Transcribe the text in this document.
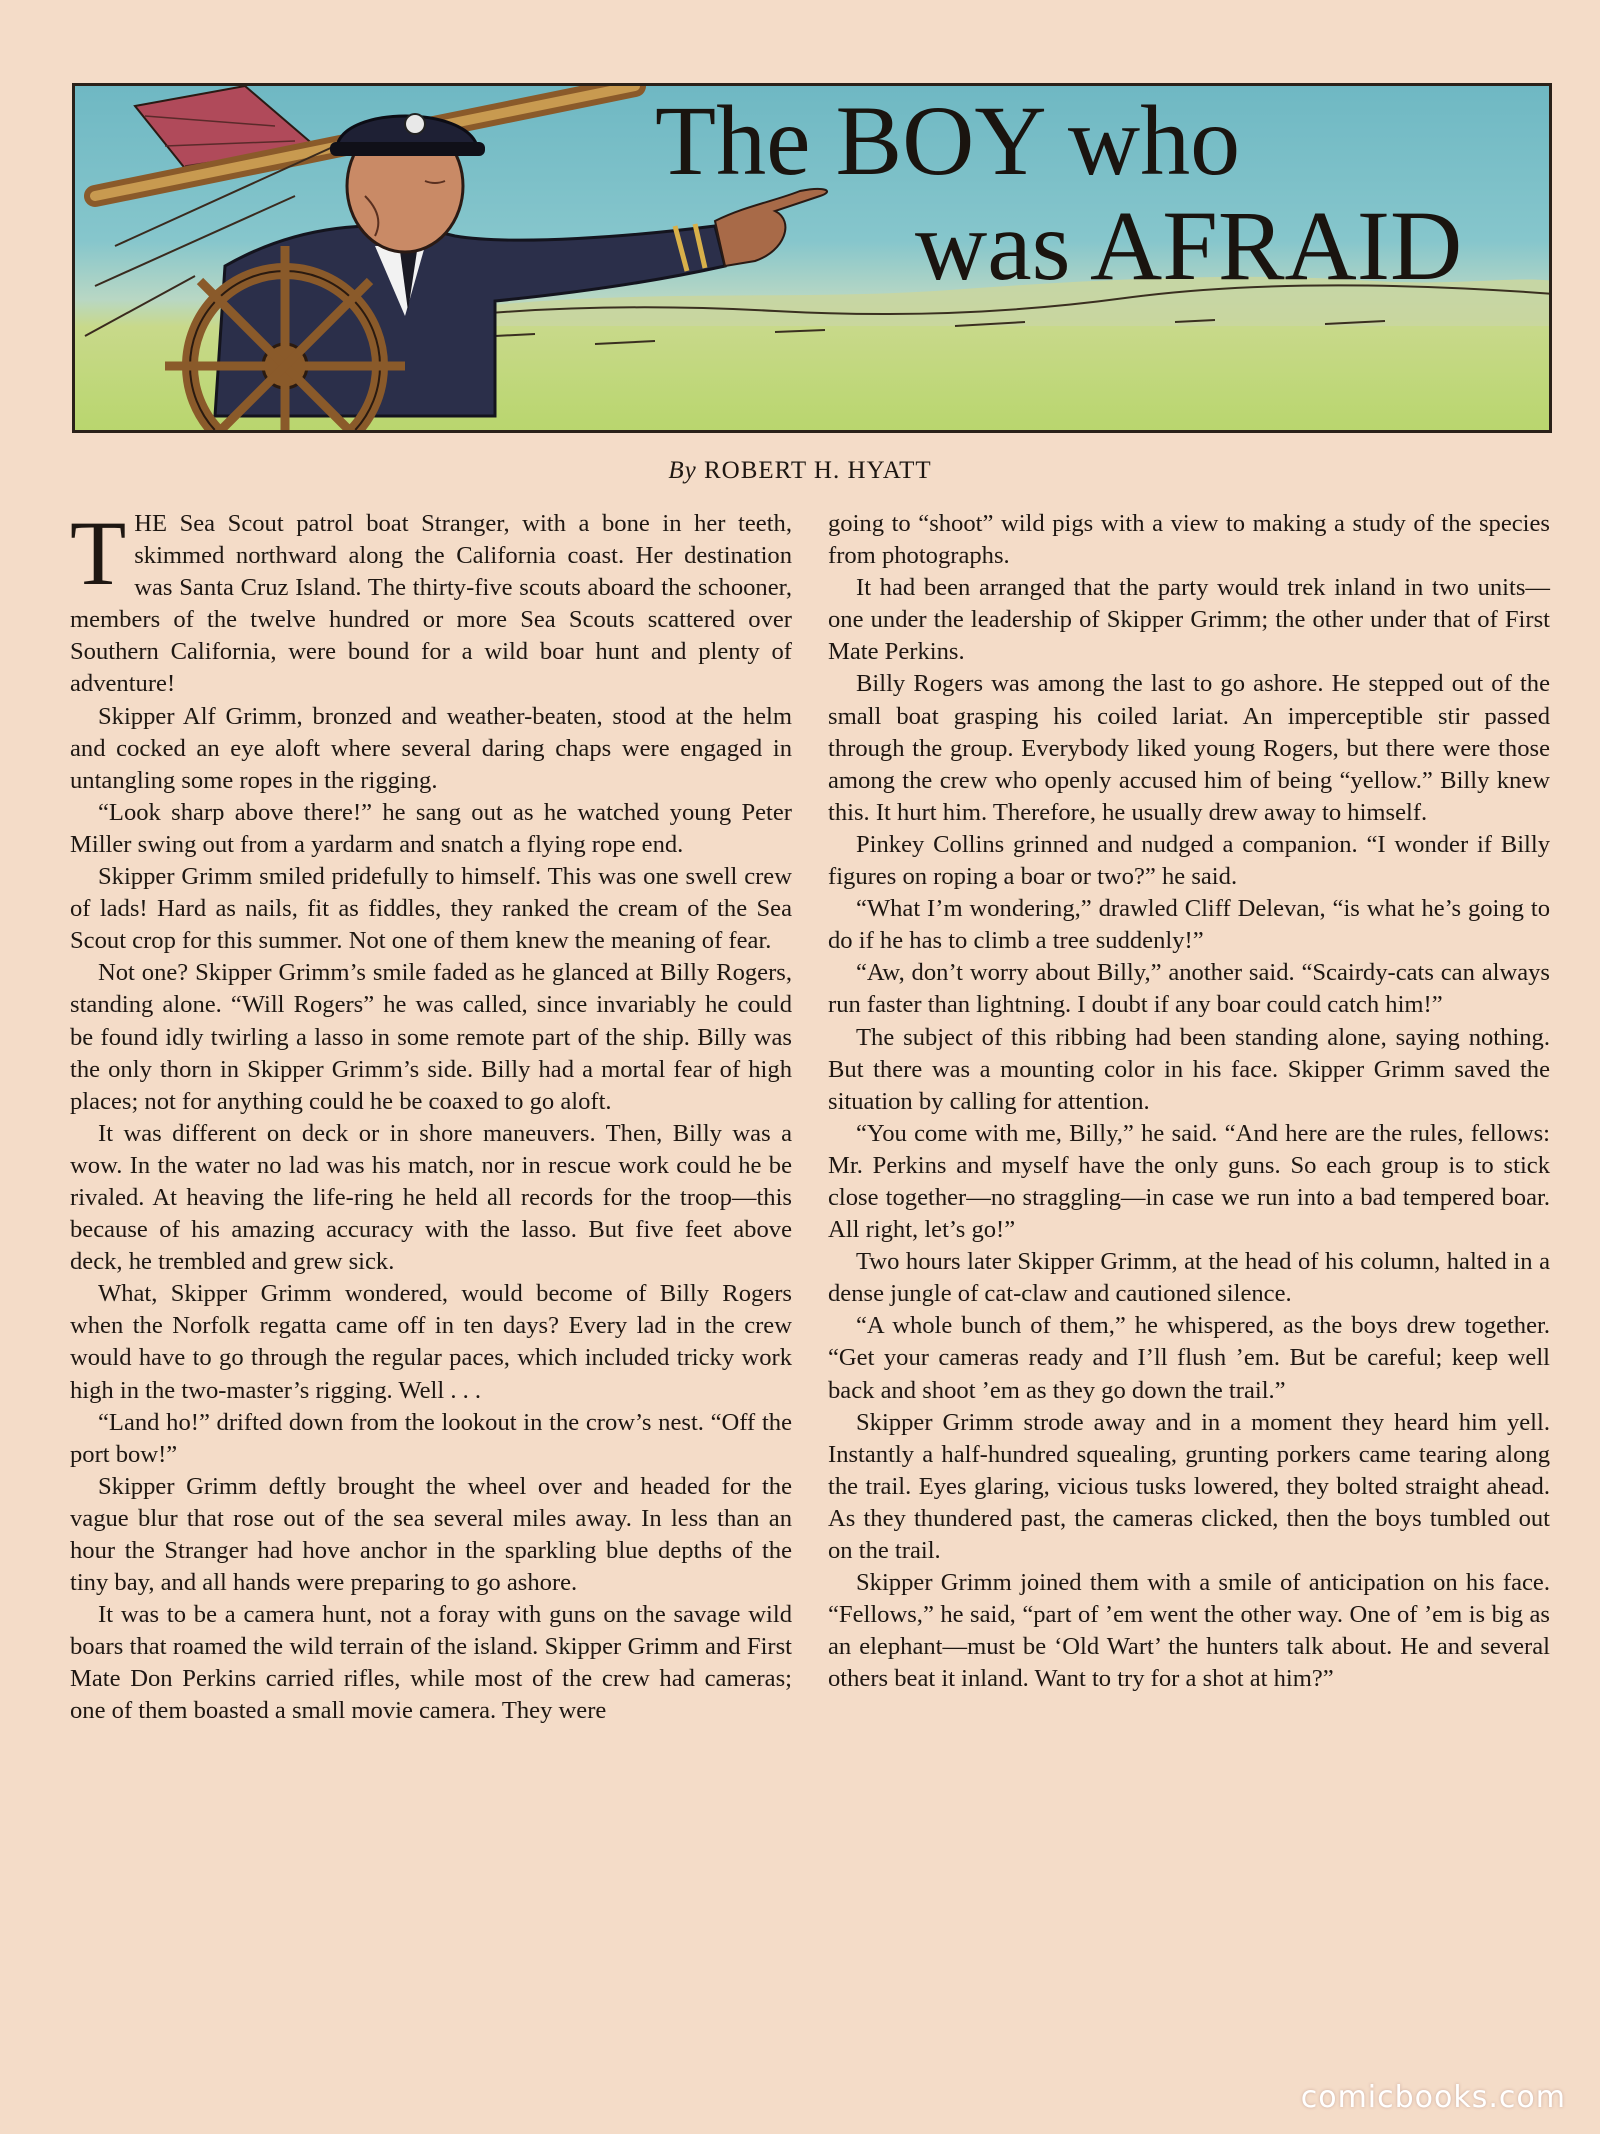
The BOY who
was AFRAID
By ROBERT H. HYATT

THE Sea Scout patrol boat Stranger, with a bone in her teeth, skimmed northward along the California coast. Her destination was Santa Cruz Island. The thirty-five scouts aboard the schooner, members of the twelve hundred or more Sea Scouts scattered over Southern California, were bound for a wild boar hunt and plenty of adventure!

Skipper Alf Grimm, bronzed and weather-beaten, stood at the helm and cocked an eye aloft where several daring chaps were engaged in untangling some ropes in the rigging.

“Look sharp above there!” he sang out as he watched young Peter Miller swing out from a yardarm and snatch a flying rope end.

Skipper Grimm smiled pridefully to himself. This was one swell crew of lads! Hard as nails, fit as fiddles, they ranked the cream of the Sea Scout crop for this summer. Not one of them knew the meaning of fear.

Not one? Skipper Grimm’s smile faded as he glanced at Billy Rogers, standing alone. “Will Rogers” he was called, since invariably he could be found idly twirling a lasso in some remote part of the ship. Billy was the only thorn in Skipper Grimm’s side. Billy had a mortal fear of high places; not for anything could he be coaxed to go aloft.

It was different on deck or in shore maneuvers. Then, Billy was a wow. In the water no lad was his match, nor in rescue work could he be rivaled. At heaving the life-ring he held all records for the troop—this because of his amazing accuracy with the lasso. But five feet above deck, he trembled and grew sick.

What, Skipper Grimm wondered, would become of Billy Rogers when the Norfolk regatta came off in ten days? Every lad in the crew would have to go through the regular paces, which included tricky work high in the two-master’s rigging. Well . . .

“Land ho!” drifted down from the lookout in the crow’s nest. “Off the port bow!”

Skipper Grimm deftly brought the wheel over and headed for the vague blur that rose out of the sea several miles away. In less than an hour the Stranger had hove anchor in the sparkling blue depths of the tiny bay, and all hands were preparing to go ashore.

It was to be a camera hunt, not a foray with guns on the savage wild boars that roamed the wild terrain of the island. Skipper Grimm and First Mate Don Perkins carried rifles, while most of the crew had cameras; one of them boasted a small movie camera. They were

going to “shoot” wild pigs with a view to making a study of the species from photographs.

It had been arranged that the party would trek inland in two units—one under the leadership of Skipper Grimm; the other under that of First Mate Perkins.

Billy Rogers was among the last to go ashore. He stepped out of the small boat grasping his coiled lariat. An imperceptible stir passed through the group. Everybody liked young Rogers, but there were those among the crew who openly accused him of being “yellow.” Billy knew this. It hurt him. Therefore, he usually drew away to himself.

Pinkey Collins grinned and nudged a companion. “I wonder if Billy figures on roping a boar or two?” he said.

“What I’m wondering,” drawled Cliff Delevan, “is what he’s going to do if he has to climb a tree suddenly!”

“Aw, don’t worry about Billy,” another said. “Scairdy-cats can always run faster than lightning. I doubt if any boar could catch him!”

The subject of this ribbing had been standing alone, saying nothing. But there was a mounting color in his face. Skipper Grimm saved the situation by calling for attention.

“You come with me, Billy,” he said. “And here are the rules, fellows: Mr. Perkins and myself have the only guns. So each group is to stick close together—no straggling—in case we run into a bad tempered boar. All right, let’s go!”

Two hours later Skipper Grimm, at the head of his column, halted in a dense jungle of cat-claw and cautioned silence.

“A whole bunch of them,” he whispered, as the boys drew together. “Get your cameras ready and I’ll flush ’em. But be careful; keep well back and shoot ’em as they go down the trail.”

Skipper Grimm strode away and in a moment they heard him yell. Instantly a half-hundred squealing, grunting porkers came tearing along the trail. Eyes glaring, vicious tusks lowered, they bolted straight ahead. As they thundered past, the cameras clicked, then the boys tumbled out on the trail.

Skipper Grimm joined them with a smile of anticipation on his face. “Fellows,” he said, “part of ’em went the other way. One of ’em is big as an elephant—must be ‘Old Wart’ the hunters talk about. He and several others beat it inland. Want to try for a shot at him?”

comicbooks.com
